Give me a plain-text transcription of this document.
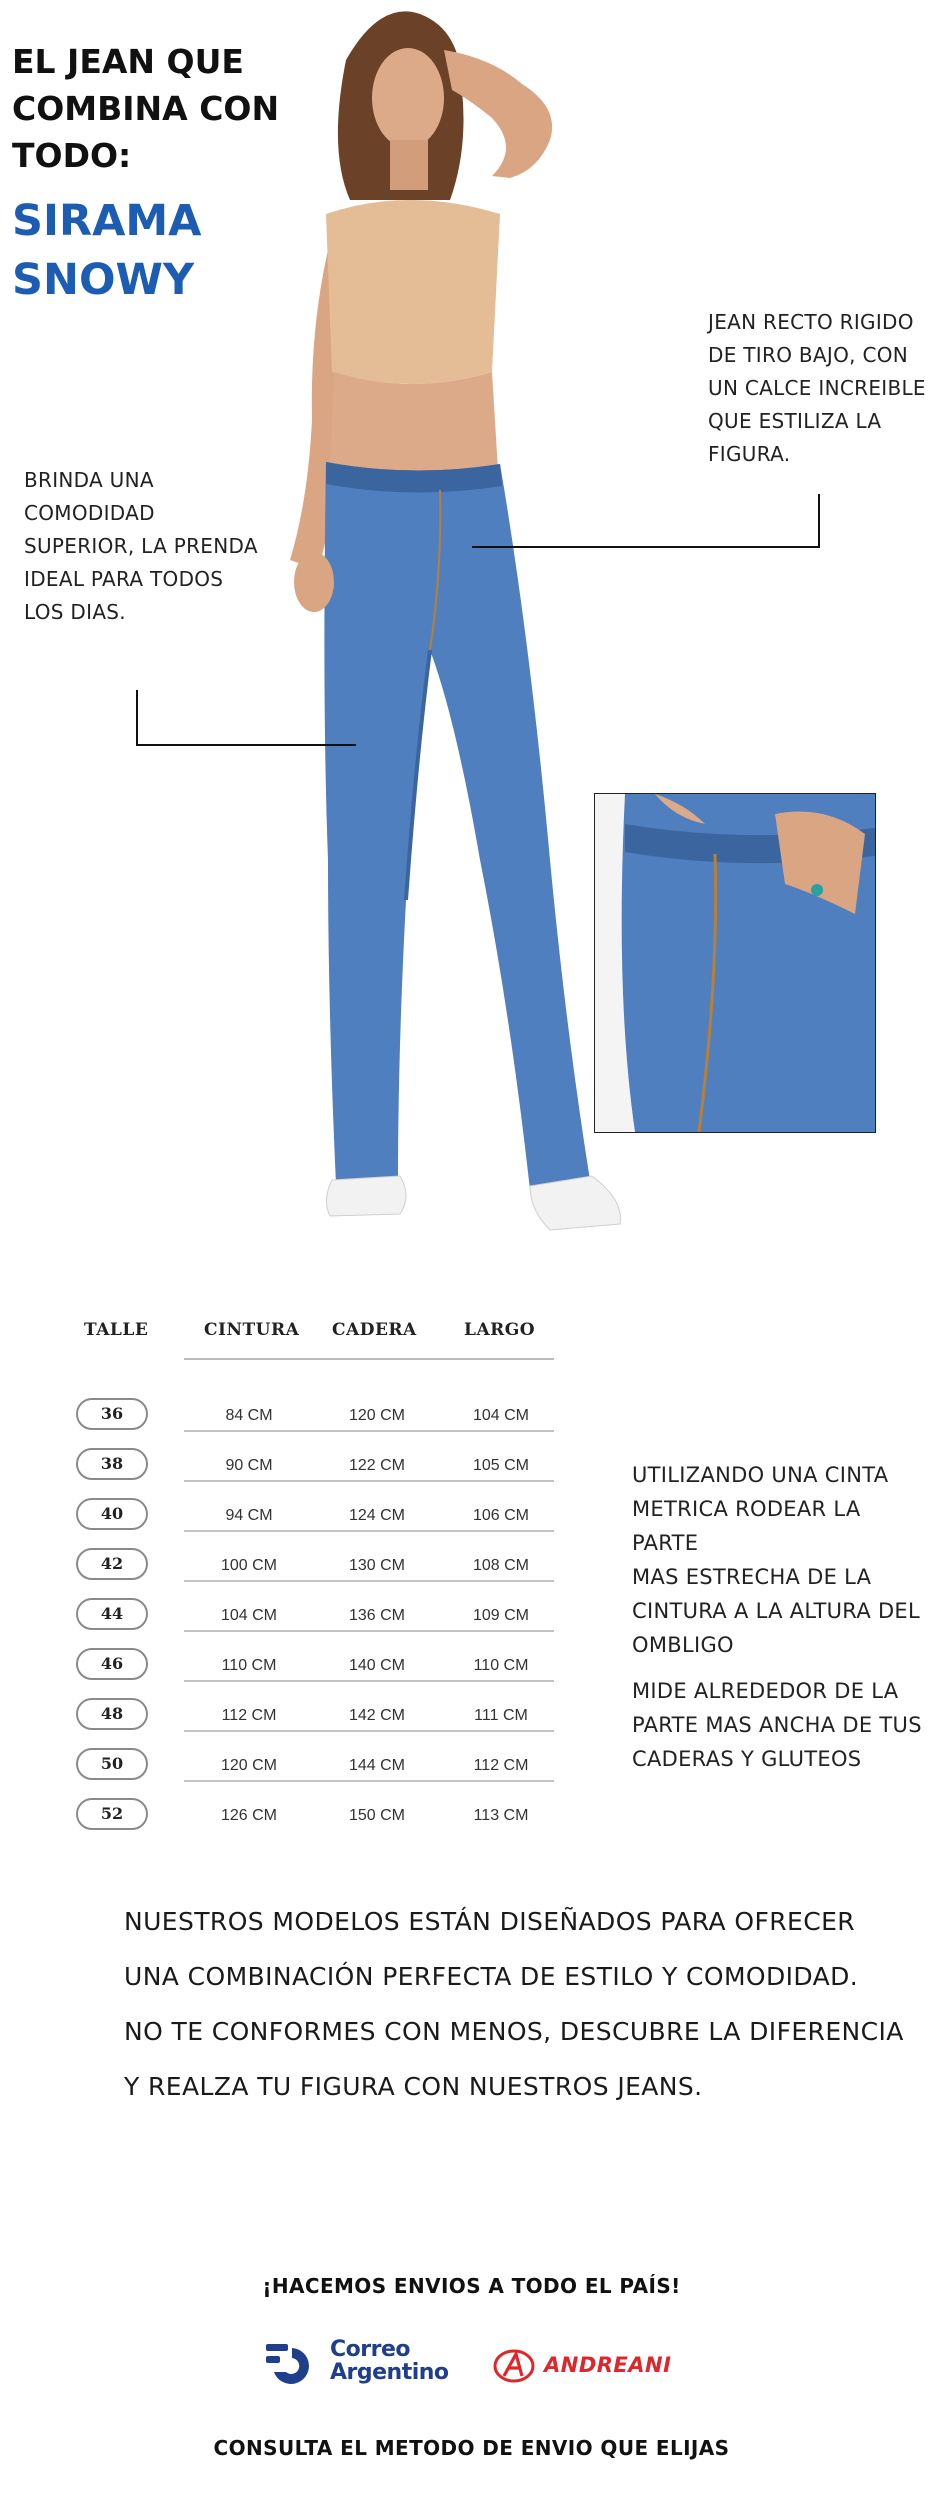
EL JEAN QUE
COMBINA CON
TODO:
SIRAMA
SNOWY
JEAN RECTO RIGIDO
DE TIRO BAJO, CON
UN CALCE INCREIBLE
QUE ESTILIZA LA
FIGURA.
BRINDA UNA
COMODIDAD
SUPERIOR, LA PRENDA
IDEAL PARA TODOS
LOS DIAS.
TALLE	CINTURA CADERA	LARGO
36	84 CM	120 CM	104 CM
38	90 CM	122 CM	105 CM
40	94 CM	124 CM	106 CM
42	100 CM	130 CM	108 CM
44	104 CM	136 CM	109 CM
46	110 CM	140 CM	110 CM
48	112 CM	142 CM	111 CM
50	120 CM	144 CM	112 CM
52	126 CM	150 CM	113 CM
UTILIZANDO UNA CINTA
METRICA RODEAR LA PARTE
MAS ESTRECHA DE LA
CINTURA A LA ALTURA DEL
OMBLIGO
MIDE ALREDEDOR DE LA
PARTE MAS ANCHA DE TUS
CADERAS Y GLUTEOS
NUESTROS MODELOS ESTÁN DISEÑADOS PARA OFRECER
UNA COMBINACIÓN PERFECTA DE ESTILO Y COMODIDAD.
NO TE CONFORMES CON MENOS, DESCUBRE LA DIFERENCIA
Y REALZA TU FIGURA CON NUESTROS JEANS.
¡HACEMOS ENVIOS A TODO EL PAÍS!
Correo
Argentino	ANDREANI
CONSULTA EL METODO DE ENVIO QUE ELIJAS
